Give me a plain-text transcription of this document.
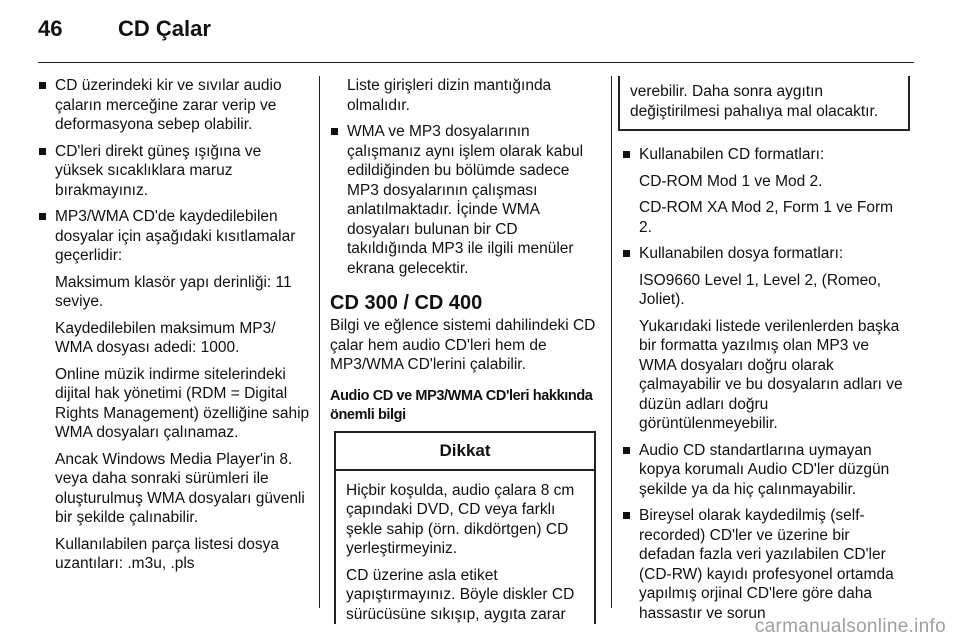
46	CD Çalar
CD üzerindeki kir ve sıvılar audio çaların merceğine zarar verip ve deformasyona sebep olabilir.
CD'leri direkt güneş ışığına ve yüksek sıcaklıklara maruz bırakmayınız.
MP3/WMA CD'de kaydedilebilen dosyalar için aşağıdaki kısıtlamalar geçerlidir:
Maksimum klasör yapı derinliği: 11 seviye.
Kaydedilebilen maksimum MP3/ WMA dosyası adedi: 1000.
Online müzik indirme sitelerindeki dijital hak yönetimi (RDM = Digital Rights Management) özelliğine sahip WMA dosyaları çalınamaz.
Ancak Windows Media Player'in 8. veya daha sonraki sürümleri ile oluşturulmuş WMA dosyaları güvenli bir şekilde çalınabilir.
Kullanılabilen parça listesi dosya uzantıları: .m3u, .pls
Liste girişleri dizin mantığında olmalıdır.
WMA ve MP3 dosyalarının çalışmanız aynı işlem olarak kabul edildiğinden bu bölümde sadece MP3 dosyalarının çalışması anlatılmaktadır. İçinde WMA dosyaları bulunan bir CD takıldığında MP3 ile ilgili menüler ekrana gelecektir.
CD 300 / CD 400
Bilgi ve eğlence sistemi dahilindeki CD çalar hem audio CD'leri hem de MP3/WMA CD'lerini çalabilir.
Audio CD ve MP3/WMA CD'leri hakkında önemli bilgi
Dikkat

Hiçbir koşulda, audio çalara 8 cm çapındaki DVD, CD veya farklı şekle sahip (örn. dikdörtgen) CD yerleştirmeyiniz.

CD üzerine asla etiket yapıştırmayınız. Böyle diskler CD sürücüsüne sıkışıp, aygıta zarar

verebilir. Daha sonra aygıtın değiştirilmesi pahalıya mal olacaktır.

Kullanabilen CD formatları:
CD-ROM Mod 1 ve Mod 2.
CD-ROM XA Mod 2, Form 1 ve Form 2.
Kullanabilen dosya formatları:
ISO9660 Level 1, Level 2, (Romeo, Joliet).
Yukarıdaki listede verilenlerden başka bir formatta yazılmış olan MP3 ve WMA dosyaları doğru olarak çalmayabilir ve bu dosyaların adları ve düzün adları doğru görüntülenmeyebilir.
Audio CD standartlarına uymayan kopya korumalı Audio CD'ler düzgün şekilde ya da hiç çalınmayabilir.
Bireysel olarak kaydedilmiş (self-recorded) CD'ler ve üzerine bir defadan fazla veri yazılabilen CD'ler (CD-RW) kayıdı profesyonel ortamda yapılmış orjinal CD'lere göre daha hassastır ve sorun
carmanualsonline.info
